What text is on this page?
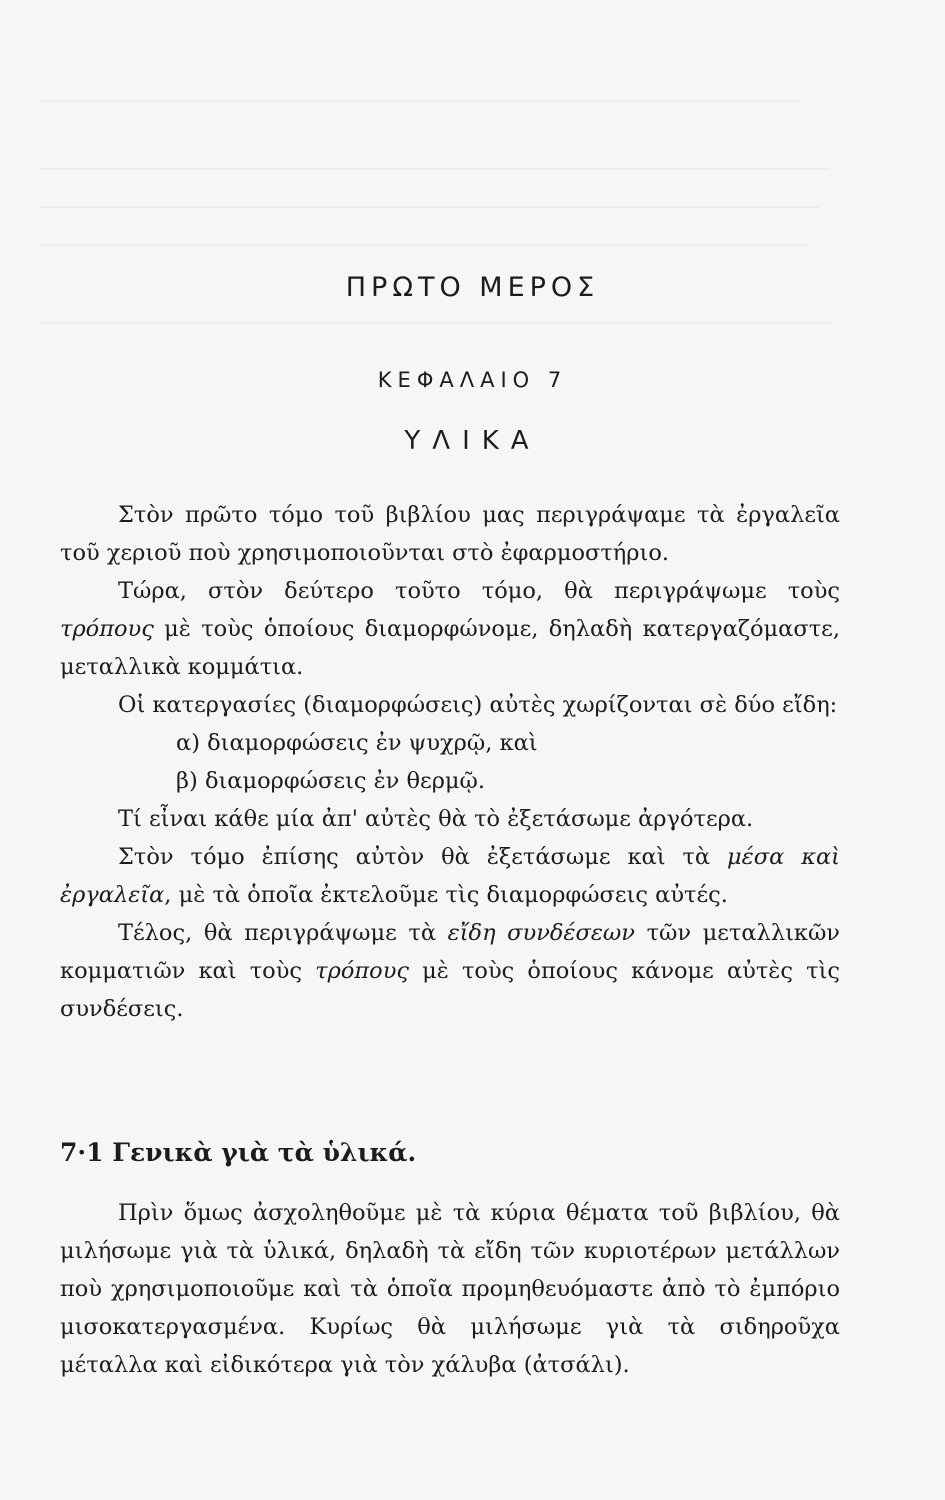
ΠΡΩΤΟ ΜΕΡΟΣ
ΚΕΦΑΛΑΙΟ 7
ΥΛΙΚΑ

Στὸν πρῶτο τόμο τοῦ βιβλίου μας περιγράψαμε τὰ ἐργαλεῖα τοῦ χεριοῦ ποὺ χρησιμοποιοῦνται στὸ ἐφαρμοστήριο.

Τώρα, στὸν δεύτερο τοῦτο τόμο, θὰ περιγράψωμε τοὺς τρόπους μὲ τοὺς ὁποίους διαμορφώνομε, δηλαδὴ κατεργαζόμαστε, μεταλλικὰ κομμάτια.

Οἱ κατεργασίες (διαμορφώσεις) αὐτὲς χωρίζονται σὲ δύο εἴδη:

α) διαμορφώσεις ἐν ψυχρῷ, καὶ

β) διαμορφώσεις ἐν θερμῷ.

Τί εἶναι κάθε μία ἀπ' αὐτὲς θὰ τὸ ἐξετάσωμε ἀργότερα.

Στὸν τόμο ἐπίσης αὐτὸν θὰ ἐξετάσωμε καὶ τὰ μέσα καὶ ἐργαλεῖα, μὲ τὰ ὁποῖα ἐκτελοῦμε τὶς διαμορφώσεις αὐτές.

Τέλος, θὰ περιγράψωμε τὰ εἴδη συνδέσεων τῶν μεταλλικῶν κομματιῶν καὶ τοὺς τρόπους μὲ τοὺς ὁποίους κάνομε αὐτὲς τὶς συνδέσεις.

7·1 Γενικὰ γιὰ τὰ ὑλικά.

Πρὶν ὅμως ἀσχοληθοῦμε μὲ τὰ κύρια θέματα τοῦ βιβλίου, θὰ μιλήσωμε γιὰ τὰ ὑλικά, δηλαδὴ τὰ εἴδη τῶν κυριοτέρων μετάλλων ποὺ χρησιμοποιοῦμε καὶ τὰ ὁποῖα προμηθευόμαστε ἀπὸ τὸ ἐμπόριο μισοκατεργασμένα. Κυρίως θὰ μιλήσωμε γιὰ τὰ σιδηροῦχα μέταλλα καὶ εἰδικότερα γιὰ τὸν χάλυβα (ἀτσάλι).
